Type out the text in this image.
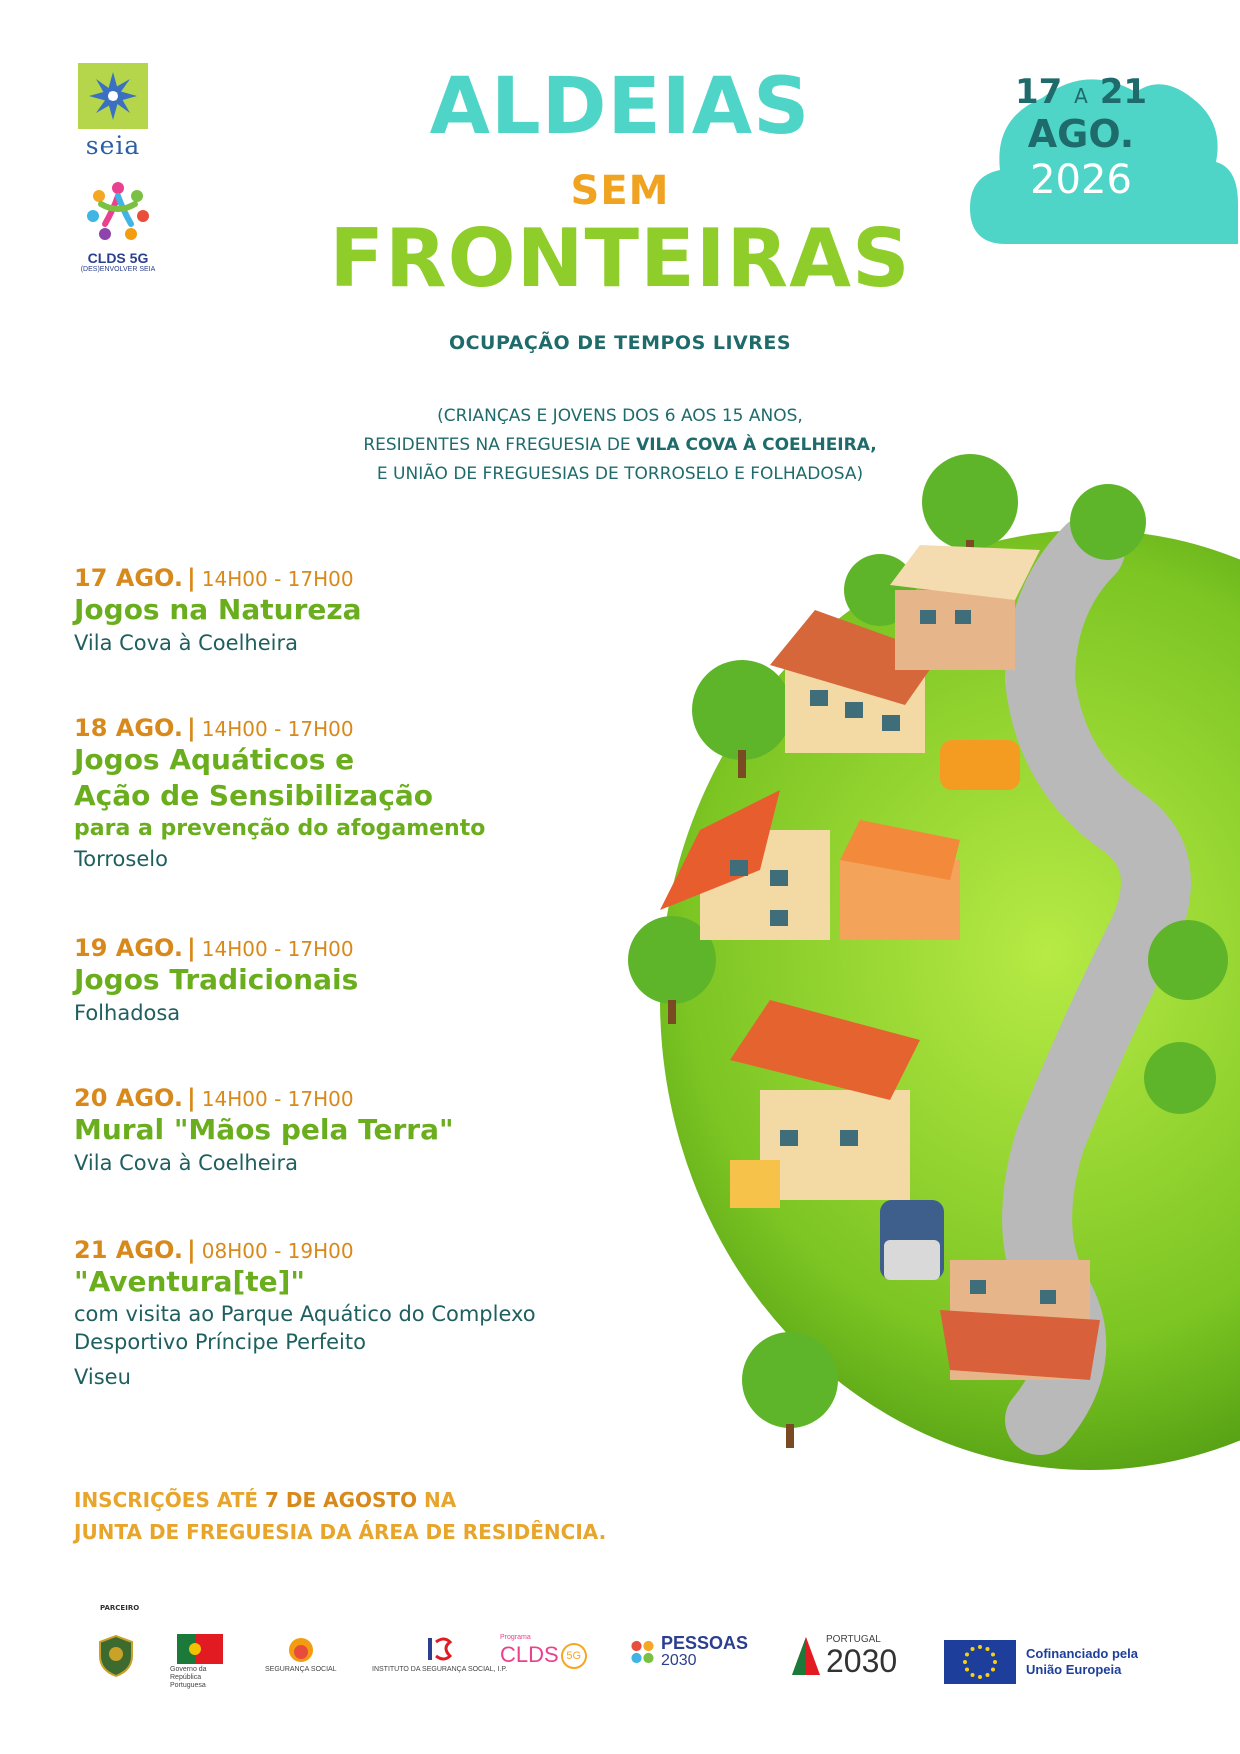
seia
CLDS 5G
(DES)ENVOLVER SEIA
ALDEIAS
SEM
FRONTEIRAS
OCUPAÇÃO DE TEMPOS LIVRES
(CRIANÇAS E JOVENS DOS 6 AOS 15 ANOS,
RESIDENTES NA FREGUESIA DE VILA COVA À COELHEIRA,
E UNIÃO DE FREGUESIAS DE TORROSELO E FOLHADOSA)
17 A 21
AGO.
2026
17 AGO. | 14H00 - 17H00
Jogos na Natureza
Vila Cova à Coelheira
18 AGO. | 14H00 - 17H00
Jogos Aquáticos e
Ação de Sensibilização
para a prevenção do afogamento
Torroselo
19 AGO. | 14H00 - 17H00
Jogos Tradicionais
Folhadosa
20 AGO. | 14H00 - 17H00
Mural "Mãos pela Terra"
Vila Cova à Coelheira
21 AGO. | 08H00 - 19H00
"Aventura[te]"
com visita ao Parque Aquático do Complexo
Desportivo Príncipe Perfeito
Viseu
INSCRIÇÕES ATÉ 7 DE AGOSTO NA
JUNTA DE FREGUESIA DA ÁREA DE RESIDÊNCIA.
PARCEIRO
Governo da República Portuguesa
SEGURANÇA SOCIAL	INSTITUTO DA SEGURANÇA SOCIAL, I.P.
Programa
CLDS 5G
PESSOAS
2030
PORTUGAL
2030	Cofinanciado pela
União Europeia
